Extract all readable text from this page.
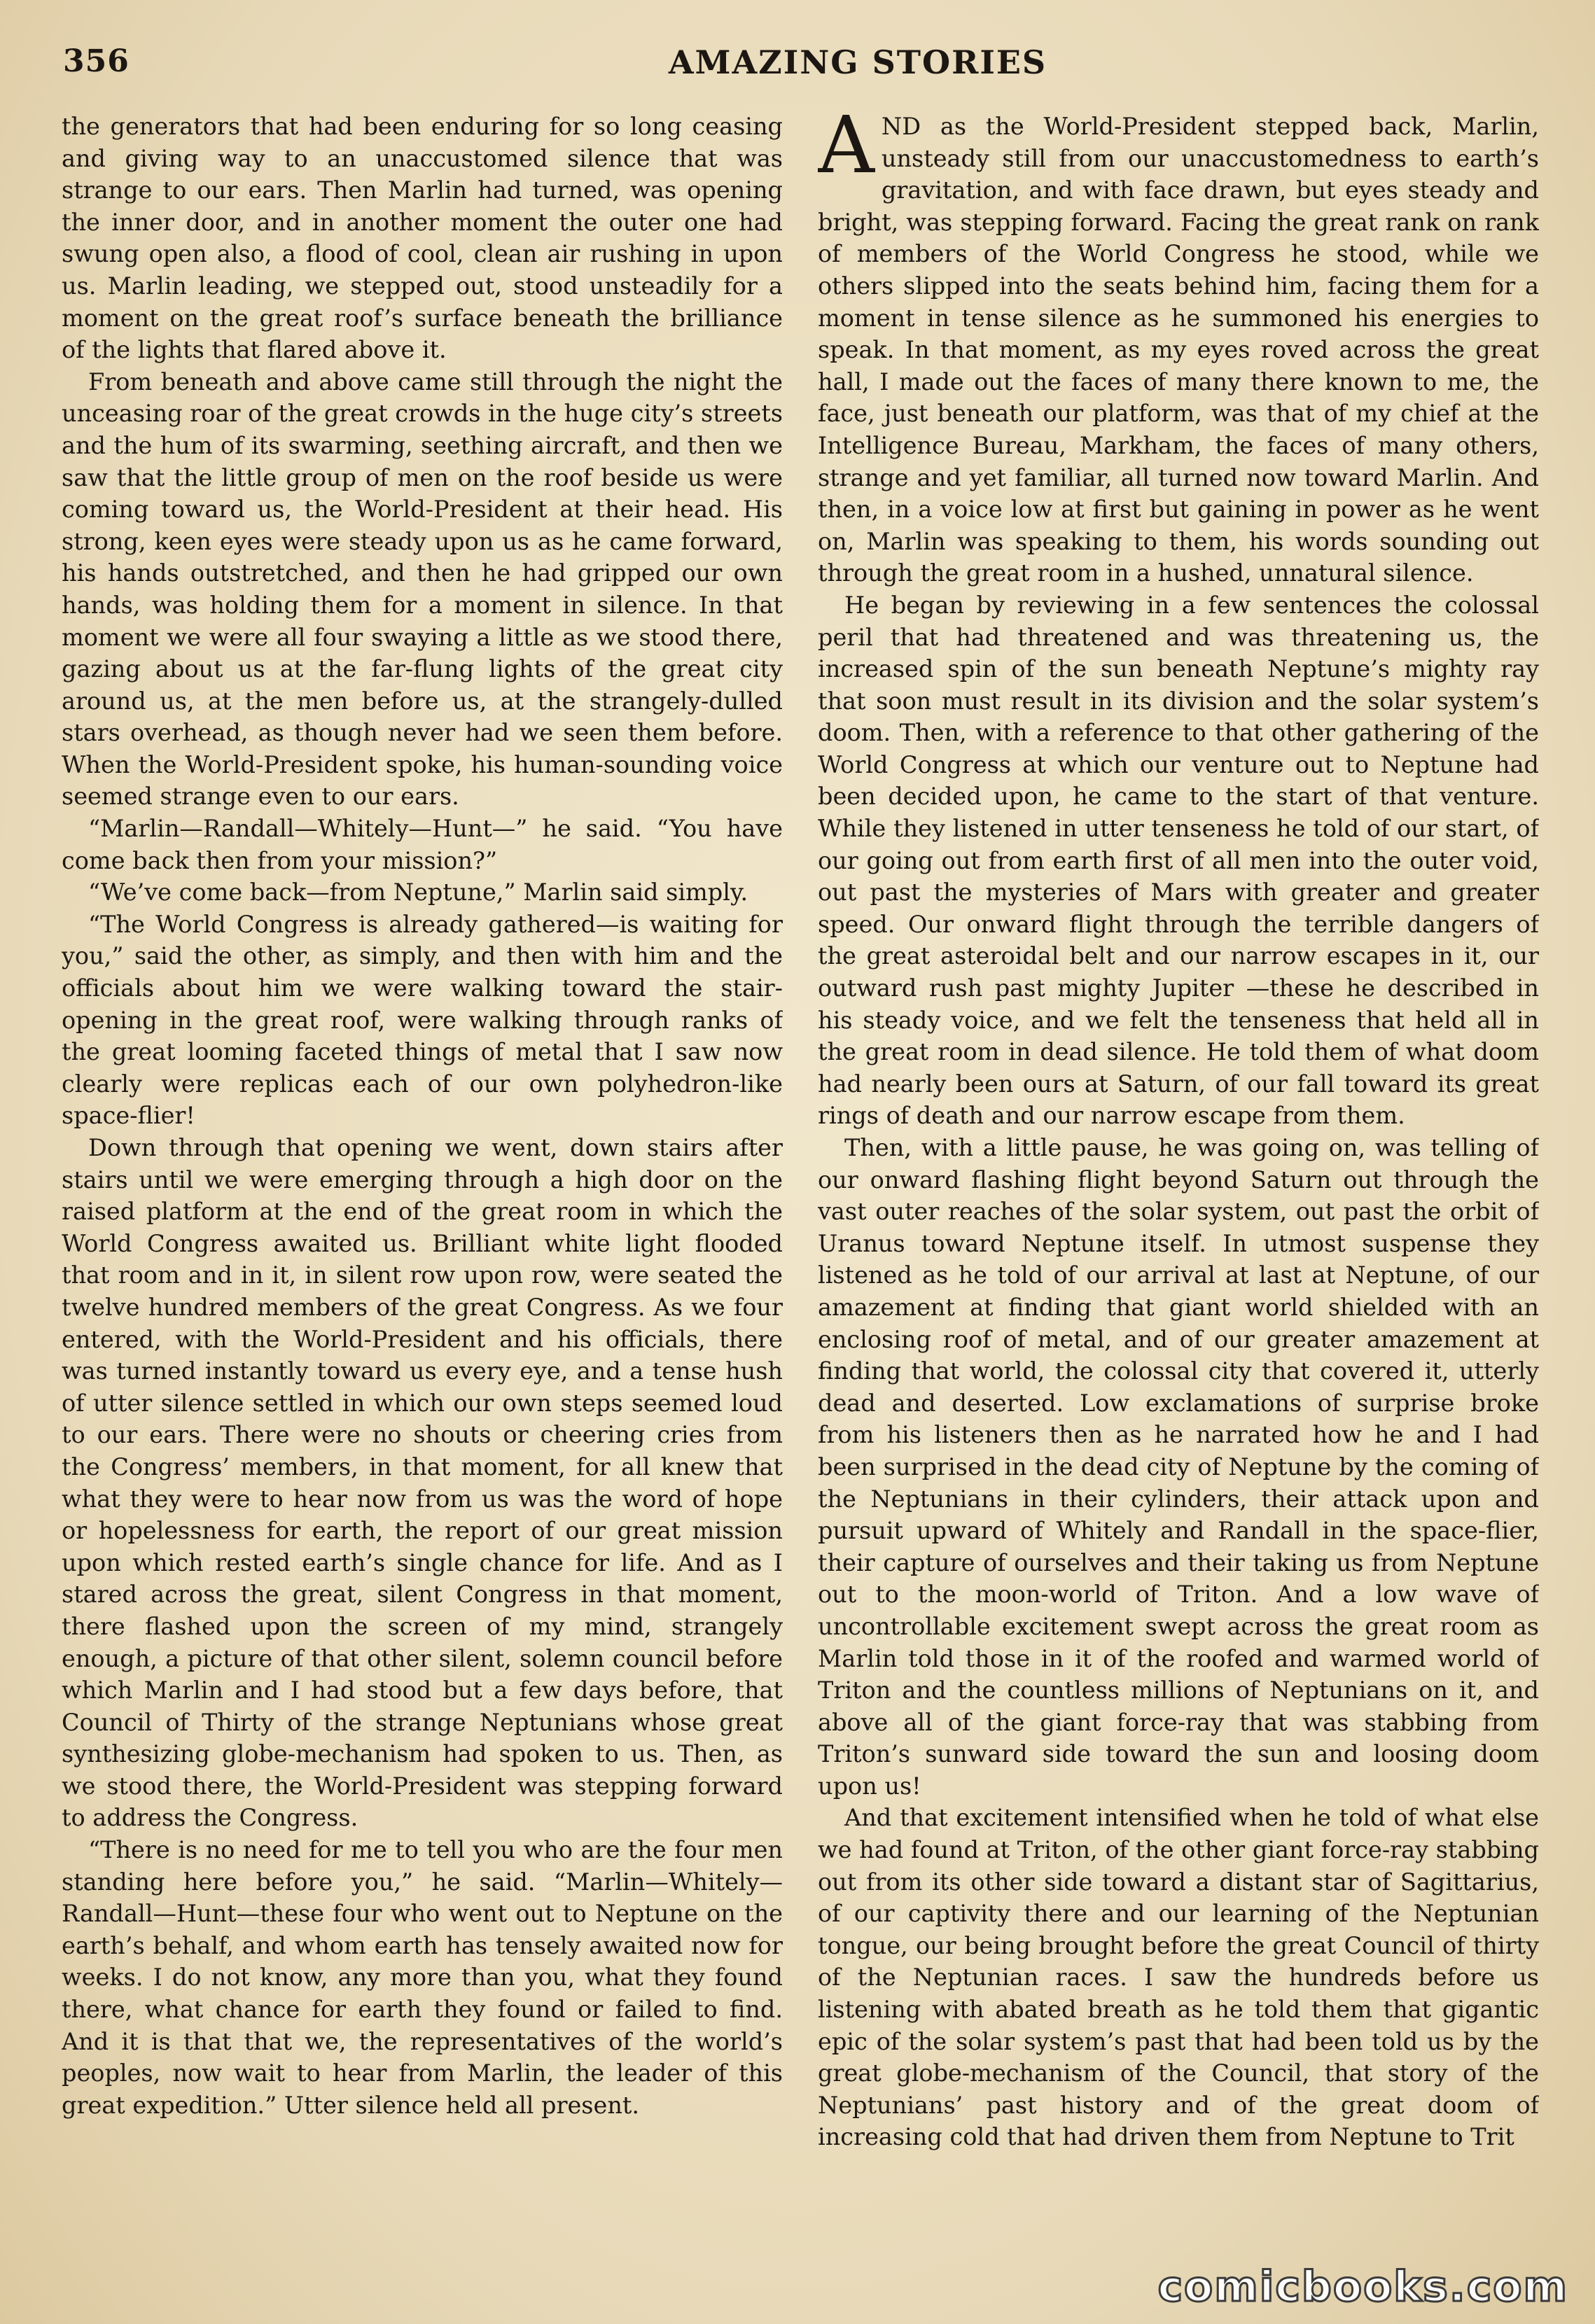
356	AMAZING STORIES

the generators that had been enduring for so long ceasing and giving way to an unaccustomed silence that was strange to our ears. Then Marlin had turned, was opening the inner door, and in another moment the outer one had swung open also, a flood of cool, clean air rushing in upon us. Marlin leading, we stepped out, stood unsteadily for a moment on the great roof’s surface beneath the brilliance of the lights that flared above it.

From beneath and above came still through the night the unceasing roar of the great crowds in the huge city’s streets and the hum of its swarming, seething aircraft, and then we saw that the little group of men on the roof beside us were coming toward us, the World-President at their head. His strong, keen eyes were steady upon us as he came forward, his hands outstretched, and then he had gripped our own hands, was holding them for a moment in silence. In that moment we were all four swaying a little as we stood there, gazing about us at the far-flung lights of the great city around us, at the men before us, at the strangely-dulled stars overhead, as though never had we seen them before. When the World-President spoke, his human-sounding voice seemed strange even to our ears.

“Marlin—Randall—Whitely—Hunt—” he said. “You have come back then from your mission?”

“We’ve come back—from Neptune,” Marlin said simply.

“The World Congress is already gathered—is waiting for you,” said the other, as simply, and then with him and the officials about him we were walking toward the stair-opening in the great roof, were walking through ranks of the great looming faceted things of metal that I saw now clearly were replicas each of our own polyhedron-like space-flier!

Down through that opening we went, down stairs after stairs until we were emerging through a high door on the raised platform at the end of the great room in which the World Congress awaited us. Brilliant white light flooded that room and in it, in silent row upon row, were seated the twelve hundred members of the great Congress. As we four entered, with the World-President and his officials, there was turned instantly toward us every eye, and a tense hush of utter silence settled in which our own steps seemed loud to our ears. There were no shouts or cheering cries from the Congress’ members, in that moment, for all knew that what they were to hear now from us was the word of hope or hopelessness for earth, the report of our great mission upon which rested earth’s single chance for life. And as I stared across the great, silent Congress in that moment, there flashed upon the screen of my mind, strangely enough, a picture of that other silent, solemn council before which Marlin and I had stood but a few days before, that Council of Thirty of the strange Neptunians whose great synthesizing globe-mechanism had spoken to us. Then, as we stood there, the World-President was stepping forward to address the Congress.

“There is no need for me to tell you who are the four men standing here before you,” he said. “Marlin—Whitely—Randall—Hunt—these four who went out to Neptune on the earth’s behalf, and whom earth has tensely awaited now for weeks. I do not know, any more than you, what they found there, what chance for earth they found or failed to find. And it is that that we, the representatives of the world’s peoples, now wait to hear from Marlin, the leader of this great expedition.” Utter silence held all present.

AND as the World-President stepped back, Marlin, unsteady still from our unaccustomedness to earth’s gravitation, and with face drawn, but eyes steady and bright, was stepping forward. Facing the great rank on rank of members of the World Congress he stood, while we others slipped into the seats behind him, facing them for a moment in tense silence as he summoned his energies to speak. In that moment, as my eyes roved across the great hall, I made out the faces of many there known to me, the face, just beneath our platform, was that of my chief at the Intelligence Bureau, Markham, the faces of many others, strange and yet familiar, all turned now toward Marlin. And then, in a voice low at first but gaining in power as he went on, Marlin was speaking to them, his words sounding out through the great room in a hushed, unnatural silence.

He began by reviewing in a few sentences the colossal peril that had threatened and was threatening us, the increased spin of the sun beneath Neptune’s mighty ray that soon must result in its division and the solar system’s doom. Then, with a reference to that other gathering of the World Congress at which our venture out to Neptune had been decided upon, he came to the start of that venture. While they listened in utter tenseness he told of our start, of our going out from earth first of all men into the outer void, out past the mysteries of Mars with greater and greater speed. Our onward flight through the terrible dangers of the great asteroidal belt and our narrow escapes in it, our outward rush past mighty Jupiter —these he described in his steady voice, and we felt the tenseness that held all in the great room in dead silence. He told them of what doom had nearly been ours at Saturn, of our fall toward its great rings of death and our narrow escape from them.

Then, with a little pause, he was going on, was telling of our onward flashing flight beyond Saturn out through the vast outer reaches of the solar system, out past the orbit of Uranus toward Neptune itself. In utmost suspense they listened as he told of our arrival at last at Neptune, of our amazement at finding that giant world shielded with an enclosing roof of metal, and of our greater amazement at finding that world, the colossal city that covered it, utterly dead and deserted. Low exclamations of surprise broke from his listeners then as he narrated how he and I had been surprised in the dead city of Neptune by the coming of the Neptunians in their cylinders, their attack upon and pursuit upward of Whitely and Randall in the space-flier, their capture of ourselves and their taking us from Neptune out to the moon-world of Triton. And a low wave of uncontrollable excitement swept across the great room as Marlin told those in it of the roofed and warmed world of Triton and the countless millions of Neptunians on it, and above all of the giant force-ray that was stabbing from Triton’s sunward side toward the sun and loosing doom upon us!

And that excitement intensified when he told of what else we had found at Triton, of the other giant force-ray stabbing out from its other side toward a distant star of Sagittarius, of our captivity there and our learning of the Neptunian tongue, our being brought before the great Council of thirty of the Neptunian races. I saw the hundreds before us listening with abated breath as he told them that gigantic epic of the solar system’s past that had been told us by the great globe-mechanism of the Council, that story of the Neptunians’ past history and of the great doom of increasing cold that had driven them from Neptune to Trit

comicbooks.com
